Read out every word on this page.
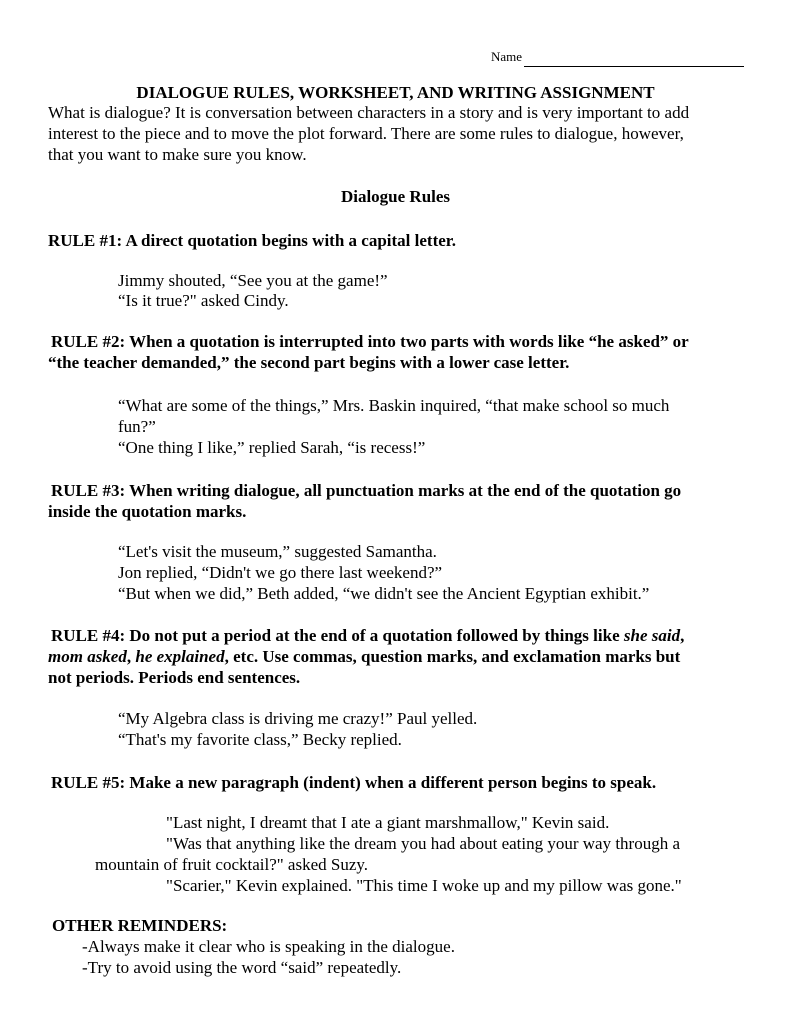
Name
DIALOGUE RULES, WORKSHEET, AND WRITING ASSIGNMENT
What is dialogue? It is conversation between characters in a story and is very important to add
interest to the piece and to move the plot forward. There are some rules to dialogue, however,
that you want to make sure you know.
Dialogue Rules
RULE #1: A direct quotation begins with a capital letter.
Jimmy shouted, “See you at the game!”
“Is it true?" asked Cindy.
RULE #2: When a quotation is interrupted into two parts with words like “he asked” or
“the teacher demanded,” the second part begins with a lower case letter.
“What are some of the things,” Mrs. Baskin inquired, “that make school so much
fun?”
“One thing I like,” replied Sarah, “is recess!”
RULE #3: When writing dialogue, all punctuation marks at the end of the quotation go
inside the quotation marks.
“Let's visit the museum,” suggested Samantha.
Jon replied, “Didn't we go there last weekend?”
“But when we did,” Beth added, “we didn't see the Ancient Egyptian exhibit.”
RULE #4: Do not put a period at the end of a quotation followed by things like she said,
mom asked, he explained, etc. Use commas, question marks, and exclamation marks but
not periods. Periods end sentences.
“My Algebra class is driving me crazy!” Paul yelled.
“That's my favorite class,” Becky replied.
RULE #5: Make a new paragraph (indent) when a different person begins to speak.
"Last night, I dreamt that I ate a giant marshmallow," Kevin said.
"Was that anything like the dream you had about eating your way through a
mountain of fruit cocktail?" asked Suzy.
"Scarier," Kevin explained. "This time I woke up and my pillow was gone."
OTHER REMINDERS:
-Always make it clear who is speaking in the dialogue.
-Try to avoid using the word “said” repeatedly.
